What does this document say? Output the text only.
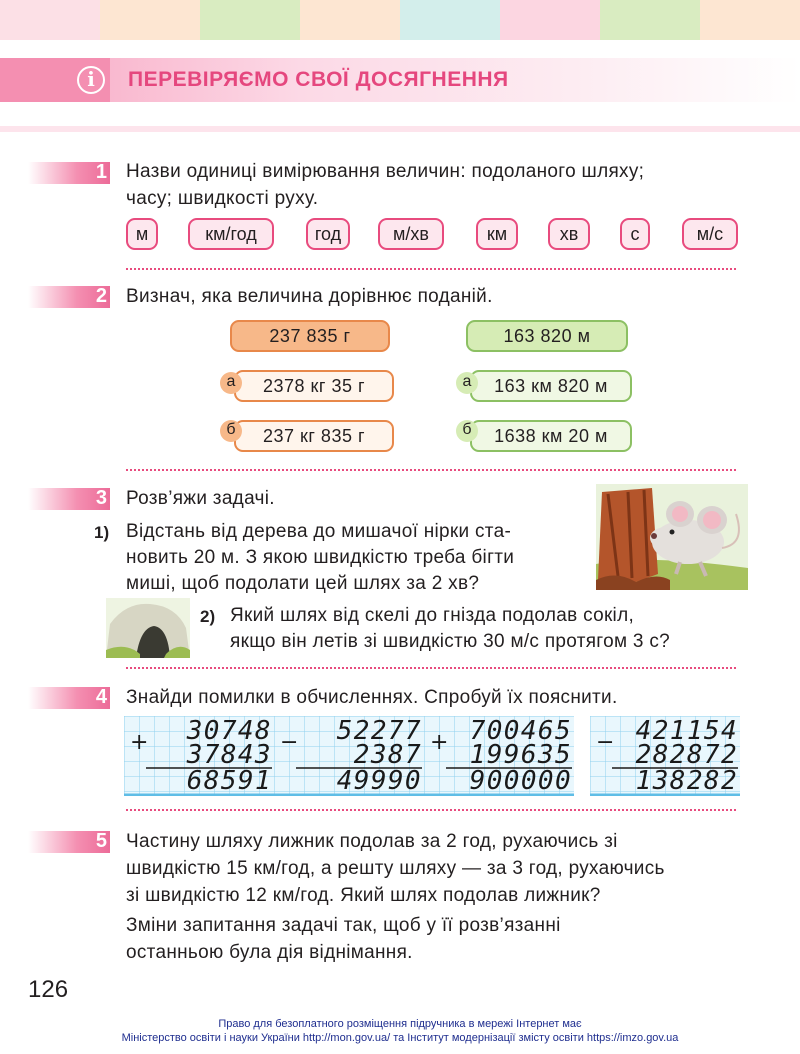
i	ПЕРЕВІРЯЄМО СВОЇ ДОСЯГНЕННЯ
1 Назви одиниці вимірювання величин: подоланого шляху;
часу; швидкості руху.
м	км/год	год	м/хв	км	хв	с	м/с
2 Визнач, яка величина дорівнює поданій.
237 835 г
2378 кг 35 г
а
237 кг 835 г
б
163 820 м
163 км 820 м
а
1638 км 20 м
б
3 Розв’яжи задачі.
1) Відстань від дерева до мишачої нірки ста-
новить 20 м. З якою швидкістю треба бігти
миші, щоб подолати цей шлях за 2 хв?
2) Який шлях від скелі до гнізда подолав сокіл,
якщо він летів зі швидкістю 30 м/с протягом 3 с?
4 Знайди помилки в обчисленнях. Спробуй їх пояснити.
+	30748
37843
68591
−	52277
2387
49990
+ 700465
199635
900000
− 421154
282872
138282
5 Частину шляху лижник подолав за 2 год, рухаючись зі
швидкістю 15 км/год, а решту шляху — за 3 год, рухаючись
зі швидкістю 12 км/год. Який шлях подолав лижник?
Зміни запитання задачі так, щоб у її розв’язанні
останньою була дія віднімання.
126
Право для безоплатного розміщення підручника в мережі Інтернет має
Міністерство освіти і науки України http://mon.gov.ua/ та Інститут модернізації змісту освіти https://imzo.gov.ua
